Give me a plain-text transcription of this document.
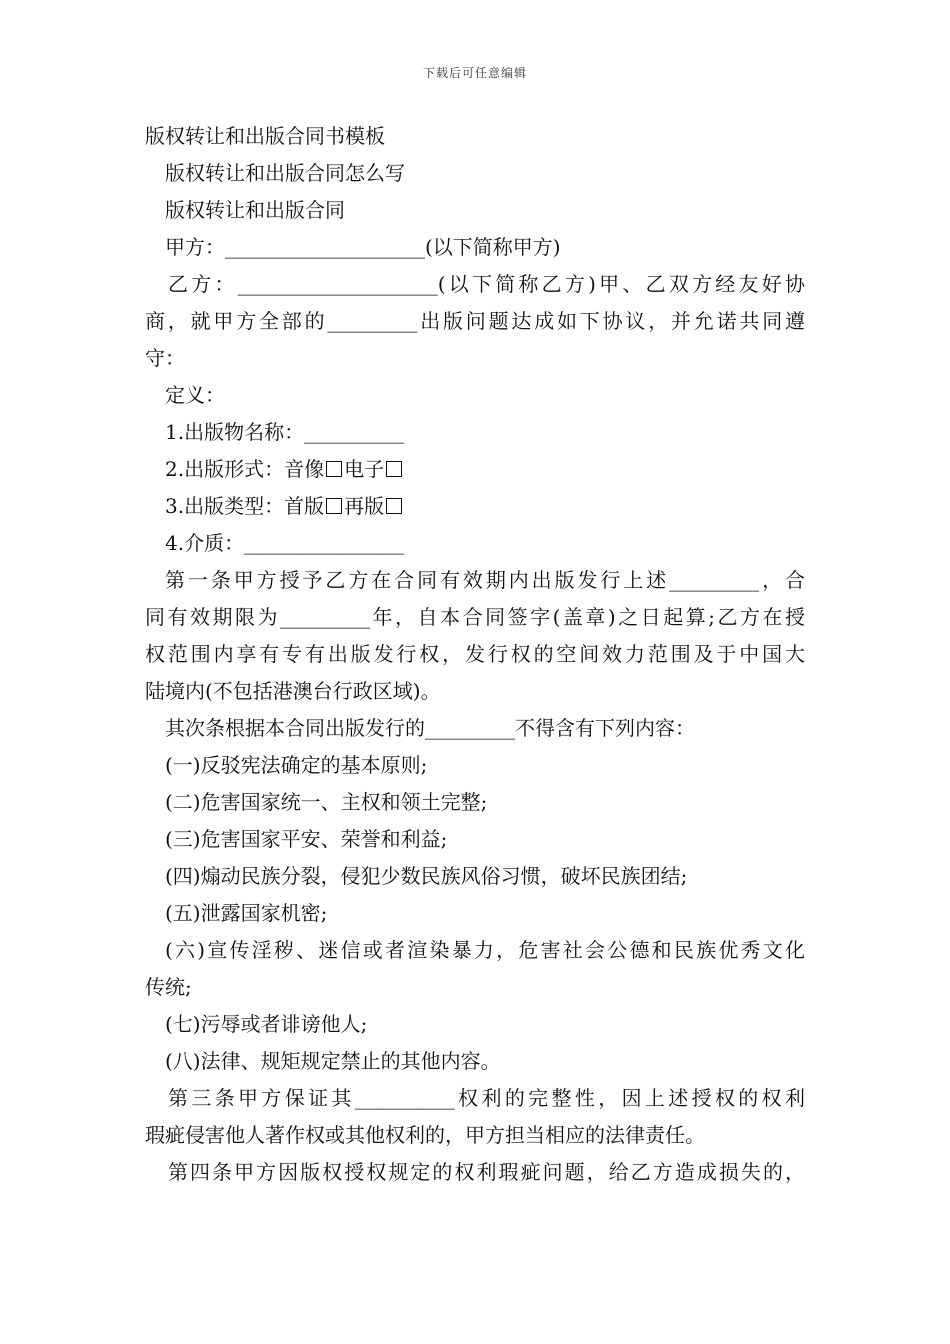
下载后可任意编辑
版权转让和出版合同书模板
版权转让和出版合同怎么写
版权转让和出版合同
甲方：____________________(以下简称甲方)
乙方：____________________(以下简称乙方)甲、乙双方经友好协
商，就甲方全部的_________出版问题达成如下协议，并允诺共同遵
守：
定义：
1.出版物名称：__________
2.出版形式：音像 电子
3.出版类型：首版 再版
4.介质：________________
第一条甲方授予乙方在合同有效期内出版发行上述_________，合
同有效期限为_________年，自本合同签字(盖章)之日起算;乙方在授
权范围内享有专有出版发行权，发行权的空间效力范围及于中国大
陆境内(不包括港澳台行政区域)。
其次条根据本合同出版发行的_________不得含有下列内容：
(一)反驳宪法确定的基本原则;
(二)危害国家统一、主权和领土完整;
(三)危害国家平安、荣誉和利益;
(四)煽动民族分裂，侵犯少数民族风俗习惯，破坏民族团结;
(五)泄露国家机密;
(六)宣传淫秽、迷信或者渲染暴力，危害社会公德和民族优秀文化
传统;
(七)污辱或者诽谤他人;
(八)法律、规矩规定禁止的其他内容。
第三条甲方保证其__________权利的完整性，因上述授权的权利
瑕疵侵害他人著作权或其他权利的，甲方担当相应的法律责任。
第四条甲方因版权授权规定的权利瑕疵问题，给乙方造成损失的，
